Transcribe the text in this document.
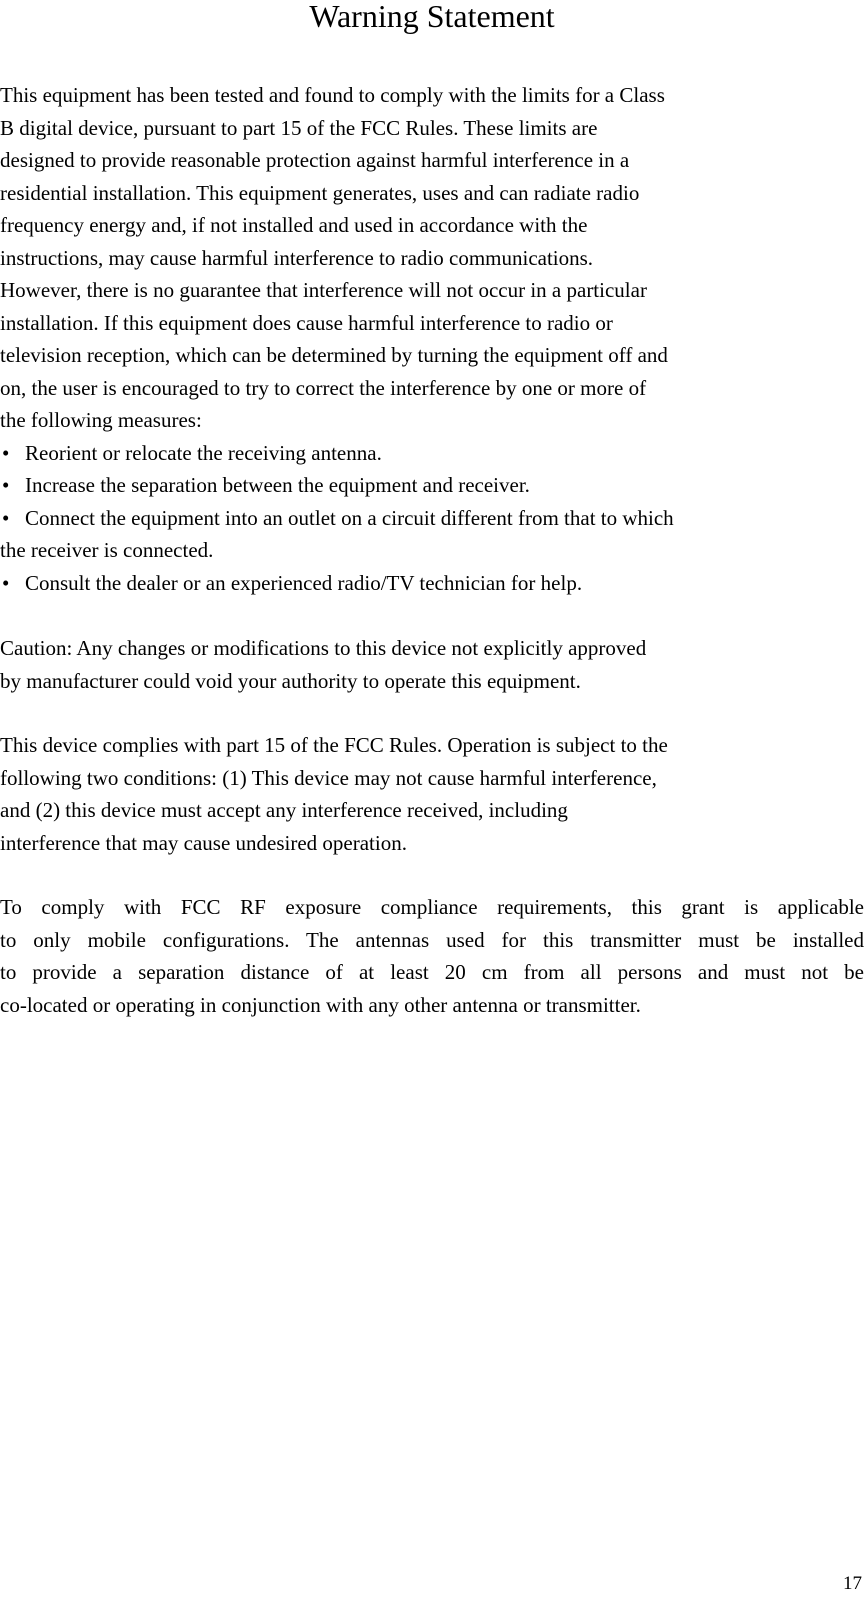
Warning Statement
This equipment has been tested and found to comply with the limits for a Class
B digital device, pursuant to part 15 of the FCC Rules. These limits are
designed to provide reasonable protection against harmful interference in a
residential installation. This equipment generates, uses and can radiate radio
frequency energy and, if not installed and used in accordance with the
instructions, may cause harmful interference to radio communications.
However, there is no guarantee that interference will not occur in a particular
installation. If this equipment does cause harmful interference to radio or
television reception, which can be determined by turning the equipment off and
on, the user is encouraged to try to correct the interference by one or more of
the following measures:
• Reorient or relocate the receiving antenna.
• Increase the separation between the equipment and receiver.
• Connect the equipment into an outlet on a circuit different from that to which
the receiver is connected.
• Consult the dealer or an experienced radio/TV technician for help.
Caution: Any changes or modifications to this device not explicitly approved
by manufacturer could void your authority to operate this equipment.
This device complies with part 15 of the FCC Rules. Operation is subject to the
following two conditions: (1) This device may not cause harmful interference,
and (2) this device must accept any interference received, including
interference that may cause undesired operation.
To comply with FCC RF exposure compliance requirements, this grant is applicable
to only mobile configurations. The antennas used for this transmitter must be installed
to provide a separation distance of at least 20 cm from all persons and must not be
co-located or operating in conjunction with any other antenna or transmitter.
17
